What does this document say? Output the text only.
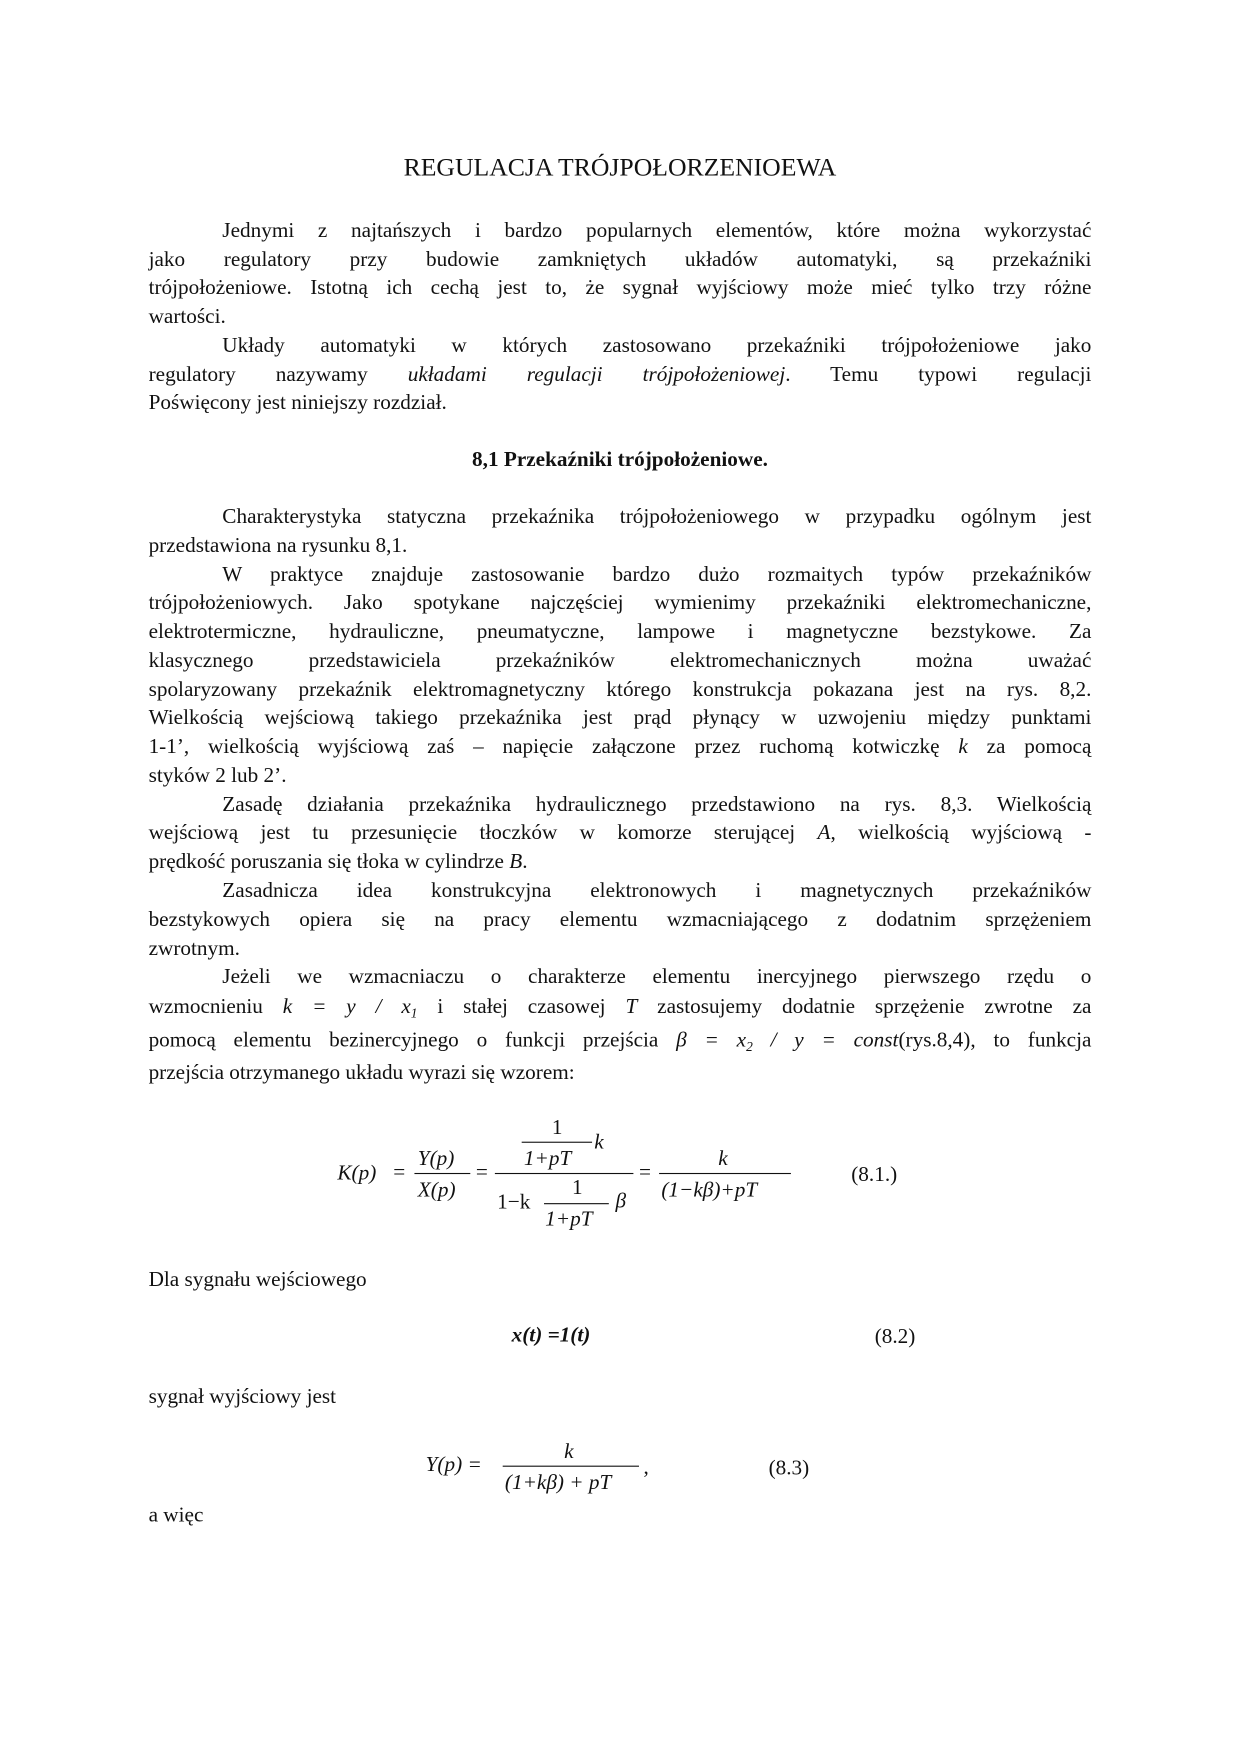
REGULACJA TRÓJPOŁORZENIOEWA
Jednymi z najtańszych i bardzo popularnych elementów, które można wykorzystać
jako regulatory przy budowie zamkniętych układów automatyki, są przekaźniki
trójpołożeniowe. Istotną ich cechą jest to, że sygnał wyjściowy może mieć tylko trzy różne
wartości.
Układy automatyki w których zastosowano przekaźniki trójpołożeniowe jako
regulatory nazywamy układami regulacji trójpołożeniowej. Temu typowi regulacji
Poświęcony jest niniejszy rozdział.
8,1 Przekaźniki trójpołożeniowe.
Charakterystyka statyczna przekaźnika trójpołożeniowego w przypadku ogólnym jest
przedstawiona na rysunku 8,1.
W praktyce znajduje zastosowanie bardzo dużo rozmaitych typów przekaźników
trójpołożeniowych. Jako spotykane najczęściej wymienimy przekaźniki elektromechaniczne,
elektrotermiczne, hydrauliczne, pneumatyczne, lampowe i magnetyczne bezstykowe. Za
klasycznego przedstawiciela przekaźników elektromechanicznych można uważać
spolaryzowany przekaźnik elektromagnetyczny którego konstrukcja pokazana jest na rys. 8,2.
Wielkością wejściową takiego przekaźnika jest prąd płynący w uzwojeniu między punktami
1-1’, wielkością wyjściową zaś – napięcie załączone przez ruchomą kotwiczkę k za pomocą
styków 2 lub 2’.
Zasadę działania przekaźnika hydraulicznego przedstawiono na rys. 8,3. Wielkością
wejściową jest tu przesunięcie tłoczków w komorze sterującej A, wielkością wyjściową -
prędkość poruszania się tłoka w cylindrze B.
Zasadnicza idea konstrukcyjna elektronowych i magnetycznych przekaźników
bezstykowych opiera się na pracy elementu wzmacniającego z dodatnim sprzężeniem
zwrotnym.
Jeżeli we wzmacniaczu o charakterze elementu inercyjnego pierwszego rzędu o
wzmocnieniu $k = y / x_1$ i stałej czasowej T zastosujemy dodatnie sprzężenie zwrotne za
pomocą elementu bezinercyjnego o funkcji przejścia $\beta = x_2 / y$ = const(rys.8,4), to funkcja
przejścia otrzymanego układu wyrazi się wzorem:
K(p) =
Y(p)
X(p)
=
1
1+pT
k
1−k
1
1+pT
β
=
k
(1−kβ)+pT
(8.1.)
Dla sygnału wejściowego
x(t) =1(t)	(8.2)
sygnał wyjściowy jest
Y(p) =
k
(1+kβ) + pT
,	(8.3)
a więc
